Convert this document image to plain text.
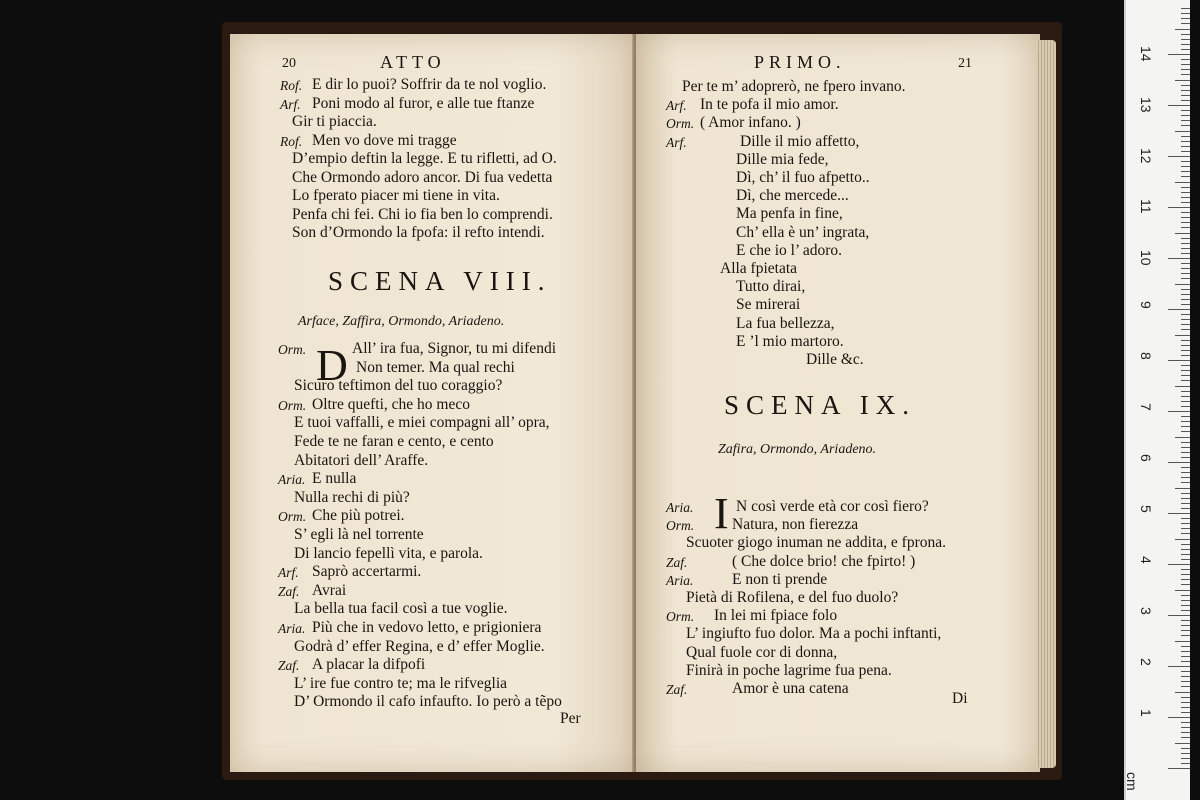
20	ATTO
Rof. E dir lo puoi? Soffrir da te nol voglio.
Arf. Poni modo al furor, e alle tue ftanze
Gir ti piaccia.
Rof. Men vo dove mi tragge
D’empio deftin la legge. E tu rifletti, ad O.
Che Ormondo adoro ancor. Di fua vedetta
Lo fperato piacer mi tiene in vita.
Penfa chi fei. Chi io fia ben lo comprendi.
Son d’Ormondo la fpofa: il refto intendi.
SCENA VIII.
Arface, Zaffira, Ormondo, Ariadeno.
D
Orm.	All’ ira fua, Signor, tu mi difendi
Non temer. Ma qual rechi
Sicuro teftimon del tuo coraggio?
Orm. Oltre quefti, che ho meco
E tuoi vaffalli, e miei compagni all’ opra,
Fede te ne faran e cento, e cento
Abitatori dell’ Araffe.
Aria. E nulla
Nulla rechi di più?
Orm. Che più potrei.
S’ egli là nel torrente
Di lancio fepellì vita, e parola.
Arf. Saprò accertarmi.
Zaf. Avrai
La bella tua facil così a tue voglie.
Aria. Più che in vedovo letto, e prigioniera
Godrà d’ effer Regina, e d’ effer Moglie.
Zaf. A placar la difpofi
L’ ire fue contro te; ma le rifveglia
D’ Ormondo il cafo infaufto. Io però a tẽpo
Per
PRIMO.	21
Per te m’ adoprerò, ne fpero invano.
Arf. In te pofa il mio amor.
Orm. ( Amor infano. )
Arf.	Dille il mio affetto,
Dille mia fede,
Dì, ch’ il fuo afpetto..
Dì, che mercede...
Ma penfa in fine,
Ch’ ella è un’ ingrata,
E che io l’ adoro.
Alla fpietata
Tutto dirai,
Se mirerai
La fua bellezza,
E ’l mio martoro.
Dille &c.
SCENA IX.
Zafira, Ormondo, Ariadeno.
I
Aria.	N così verde età cor così fiero?
Orm. Natura, non fierezza
Scuoter giogo inuman ne addita, e fprona.
Zaf.	( Che dolce brio! che fpirto! )
Aria. E non ti prende
Pietà di Rofilena, e del fuo duolo?
Orm. In lei mi fpiace folo
L’ ingiufto fuo dolor. Ma a pochi inftanti,
Qual fuole cor di donna,
Finirà in poche lagrime fua pena.
Zaf.	Amor è una catena
Di
cm
14
13
12
11
10
9
8
7
6
5
4
3
2
1
